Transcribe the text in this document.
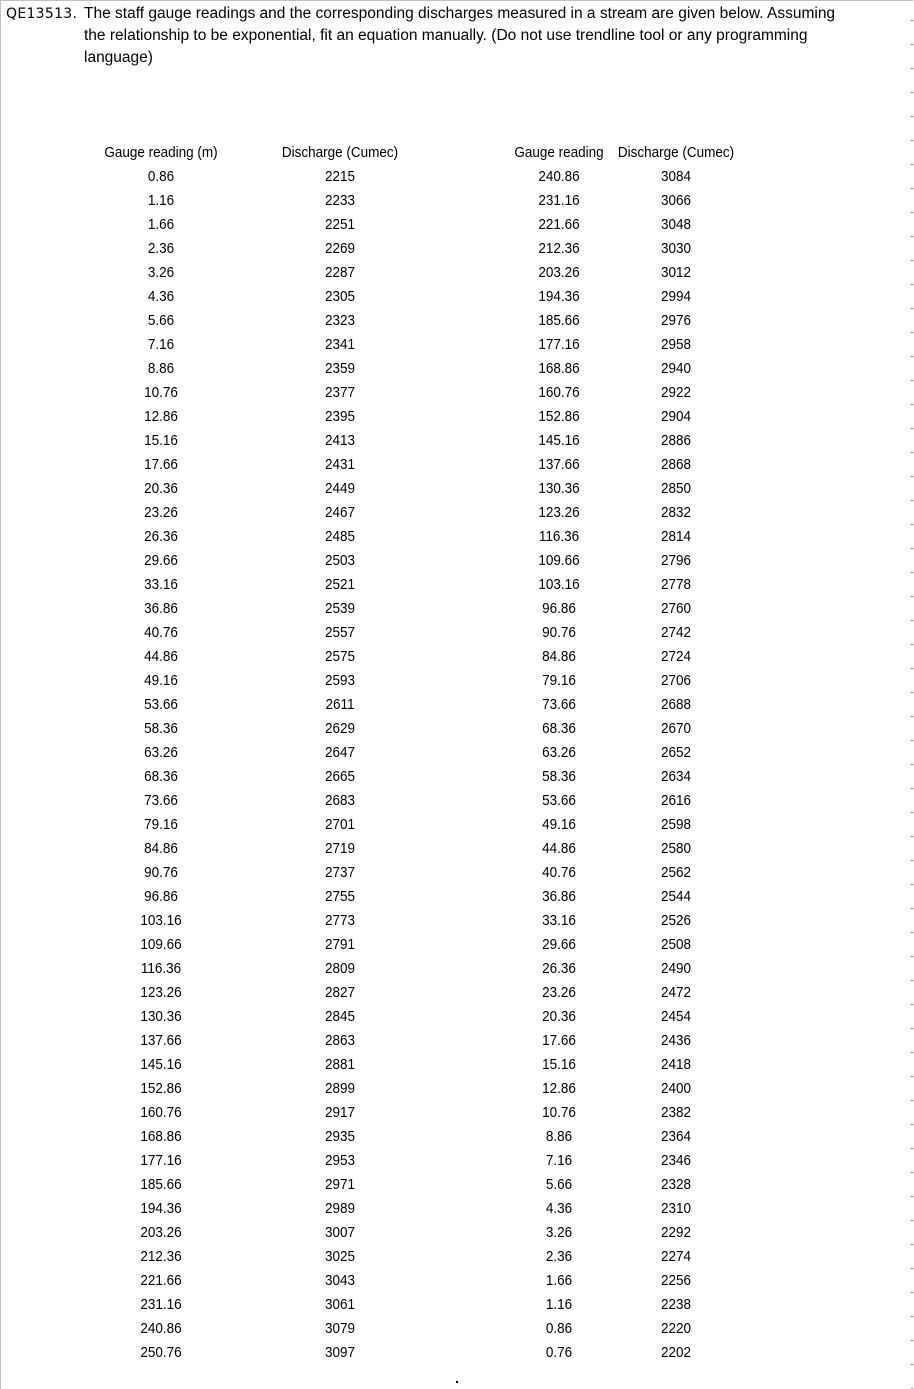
QE13513. The staff gauge readings and the corresponding discharges measured in a stream are given below. Assuming the relationship to be exponential, fit an equation manually. (Do not use trendline tool or any programming language)
Gauge reading (m)
0.86
1.16
1.66
2.36
3.26
4.36
5.66
7.16
8.86
10.76
12.86
15.16
17.66
20.36
23.26
26.36
29.66
33.16
36.86
40.76
44.86
49.16
53.66
58.36
63.26
68.36
73.66
79.16
84.86
90.76
96.86
103.16
109.66
116.36
123.26
130.36
137.66
145.16
152.86
160.76
168.86
177.16
185.66
194.36
203.26
212.36
221.66
231.16
240.86
250.76
Discharge (Cumec)
2215
2233
2251
2269
2287
2305
2323
2341
2359
2377
2395
2413
2431
2449
2467
2485
2503
2521
2539
2557
2575
2593
2611
2629
2647
2665
2683
2701
2719
2737
2755
2773
2791
2809
2827
2845
2863
2881
2899
2917
2935
2953
2971
2989
3007
3025
3043
3061
3079
3097
Gauge reading
240.86
231.16
221.66
212.36
203.26
194.36
185.66
177.16
168.86
160.76
152.86
145.16
137.66
130.36
123.26
116.36
109.66
103.16
96.86
90.76
84.86
79.16
73.66
68.36
63.26
58.36
53.66
49.16
44.86
40.76
36.86
33.16
29.66
26.36
23.26
20.36
17.66
15.16
12.86
10.76
8.86
7.16
5.66
4.36
3.26
2.36
1.66
1.16
0.86
0.76
Discharge (Cumec)
3084
3066
3048
3030
3012
2994
2976
2958
2940
2922
2904
2886
2868
2850
2832
2814
2796
2778
2760
2742
2724
2706
2688
2670
2652
2634
2616
2598
2580
2562
2544
2526
2508
2490
2472
2454
2436
2418
2400
2382
2364
2346
2328
2310
2292
2274
2256
2238
2220
2202
